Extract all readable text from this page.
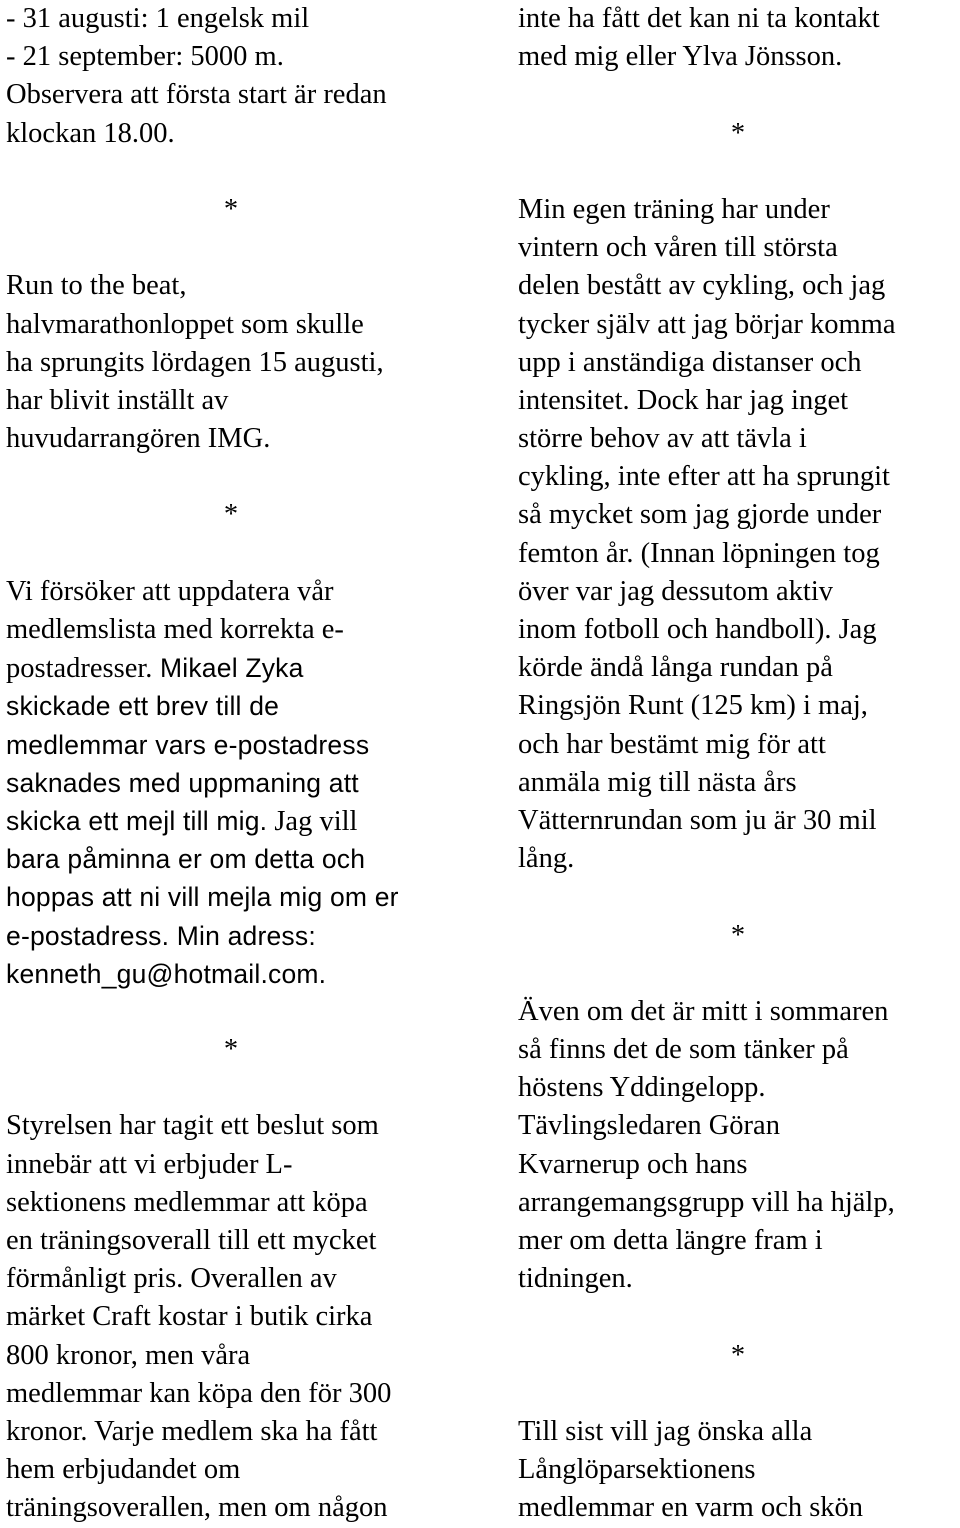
- 31 augusti: 1 engelsk mil
- 21 september: 5000 m.
Observera att första start är redan
klockan 18.00.
*
Run to the beat,
halvmarathonloppet som skulle
ha sprungits lördagen 15 augusti,
har blivit inställt av
huvudarrangören IMG.
*
Vi försöker att uppdatera vår
medlemslista med korrekta e-
postadresser. Mikael Zyka
skickade ett brev till de
medlemmar vars e-postadress
saknades med uppmaning att
skicka ett mejl till mig. Jag vill
bara påminna er om detta och
hoppas att ni vill mejla mig om er
e-postadress. Min adress:
kenneth_gu@hotmail.com.
*
Styrelsen har tagit ett beslut som
innebär att vi erbjuder L-
sektionens medlemmar att köpa
en träningsoverall till ett mycket
förmånligt pris. Overallen av
märket Craft kostar i butik cirka
800 kronor, men våra
medlemmar kan köpa den för 300
kronor. Varje medlem ska ha fått
hem erbjudandet om
träningsoverallen, men om någon
inte ha fått det kan ni ta kontakt
med mig eller Ylva Jönsson.
*
Min egen träning har under
vintern och våren till största
delen bestått av cykling, och jag
tycker själv att jag börjar komma
upp i anständiga distanser och
intensitet. Dock har jag inget
större behov av att tävla i
cykling, inte efter att ha sprungit
så mycket som jag gjorde under
femton år. (Innan löpningen tog
över var jag dessutom aktiv
inom fotboll och handboll). Jag
körde ändå långa rundan på
Ringsjön Runt (125 km) i maj,
och har bestämt mig för att
anmäla mig till nästa års
Vätternrundan som ju är 30 mil
lång.
*
Även om det är mitt i sommaren
så finns det de som tänker på
höstens Yddingelopp.
Tävlingsledaren Göran
Kvarnerup och hans
arrangemangsgrupp vill ha hjälp,
mer om detta längre fram i
tidningen.
*
Till sist vill jag önska alla
Långlöparsektionens
medlemmar en varm och skön
